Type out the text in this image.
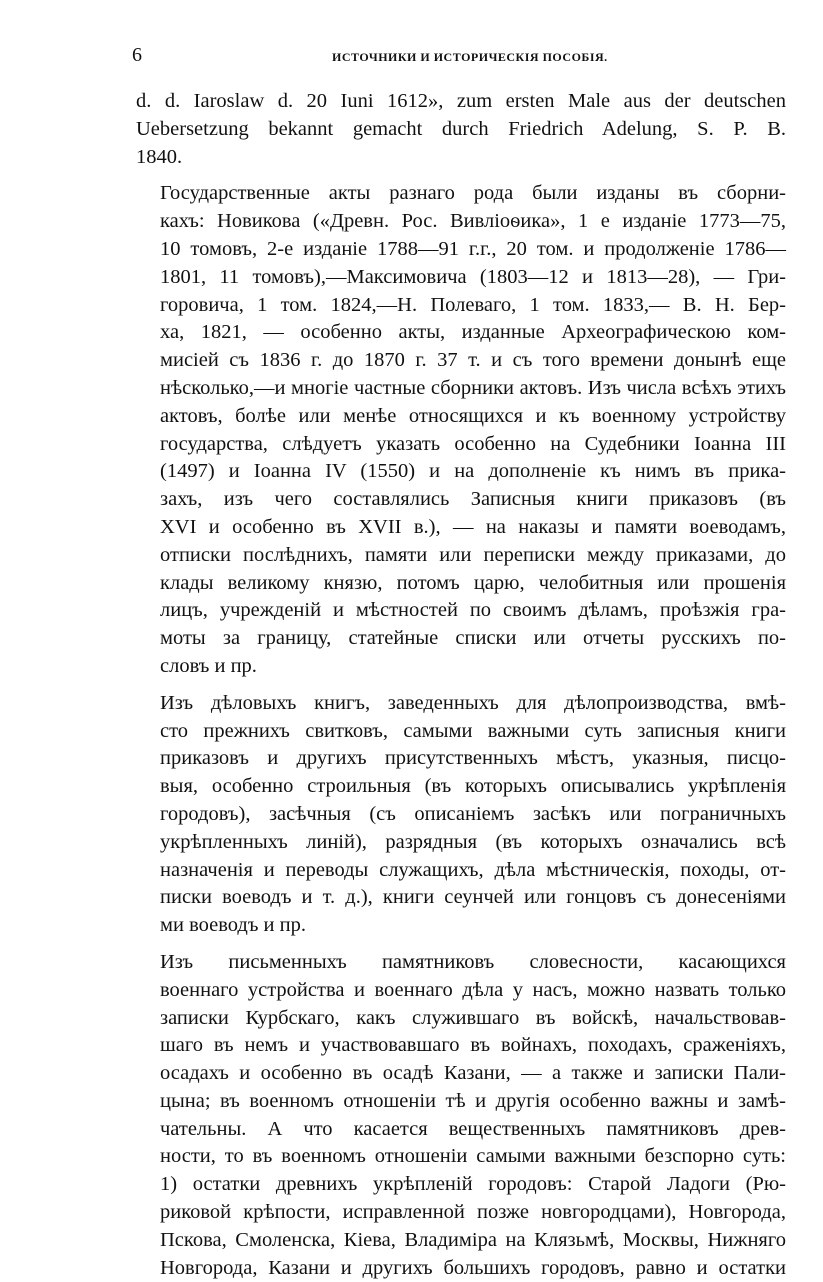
6	ИСТОЧНИКИ И ИСТОРИЧЕСКІЯ ПОСОБІЯ.

d. d. Iaroslaw d. 20 Iuni 1612», zum ersten Male aus der deutschen
Uebersetzung bekannt gemacht durch Friedrich Adelung, S. P. B.
1840.

Государственные акты разнаго рода были изданы въ сборни-
кахъ: Новикова («Древн. Рос. Вивліоѳика», 1 е изданіе 1773—75,
10 томовъ, 2-е изданіе 1788—91 г.г., 20 том. и продолженіе 1786—
1801, 11 томовъ),—Максимовича (1803—12 и 1813—28), — Гри-
горовича, 1 том. 1824,—Н. Полеваго, 1 том. 1833,— В. Н. Бер-
ха, 1821, — особенно акты, изданные Археографическою ком-
мисіей съ 1836 г. до 1870 г. 37 т. и съ того времени донынѣ еще
нѣсколько,—и многіе частные сборники актовъ. Изъ числа всѣхъ этихъ
актовъ, болѣе или менѣе относящихся и къ военному устройству
государства, слѣдуетъ указать особенно на Судебники Іоанна III
(1497) и Іоанна IV (1550) и на дополненіе къ нимъ въ прика-
захъ, изъ чего составлялись Записныя книги приказовъ (въ
XVI и особенно въ XVII в.), — на наказы и памяти воеводамъ,
отписки послѣднихъ, памяти или переписки между приказами, до
клады великому князю, потомъ царю, челобитныя или прошенія
лицъ, учрежденій и мѣстностей по своимъ дѣламъ, проѣзжія гра-
моты за границу, статейные списки или отчеты русскихъ по-
словъ и пр.

Изъ дѣловыхъ книгъ, заведенныхъ для дѣлопроизводства, вмѣ-
сто прежнихъ свитковъ, самыми важными суть записныя книги
приказовъ и другихъ присутственныхъ мѣстъ, указныя, писцо-
выя, особенно строильныя (въ которыхъ описывались укрѣпленія
городовъ), засѣчныя (съ описаніемъ засѣкъ или пограничныхъ
укрѣпленныхъ линій), разрядныя (въ которыхъ означались всѣ
назначенія и переводы служащихъ, дѣла мѣстническія, походы, от-
писки воеводъ и т. д.), книги сеунчей или гонцовъ съ донесеніями
ми воеводъ и пр.

Изъ письменныхъ памятниковъ словесности, касающихся
военнаго устройства и военнаго дѣла у насъ, можно назвать только
записки Курбскаго, какъ служившаго въ войскѣ, начальствовав-
шаго въ немъ и участвовавшаго въ войнахъ, походахъ, сраженіяхъ,
осадахъ и особенно въ осадѣ Казани, — а также и записки Пали-
цына; въ военномъ отношеніи тѣ и другія особенно важны и замѣ-
чательны. А что касается вещественныхъ памятниковъ древ-
ности, то въ военномъ отношеніи самыми важными безспорно суть:
1) остатки древнихъ укрѣпленій городовъ: Старой Ладоги (Рю-
риковой крѣпости, исправленной позже новгородцами), Новгорода,
Пскова, Смоленска, Кіева, Владиміра на Клязьмѣ, Москвы, Нижняго
Новгорода, Казани и другихъ большихъ городовъ, равно и остатки
